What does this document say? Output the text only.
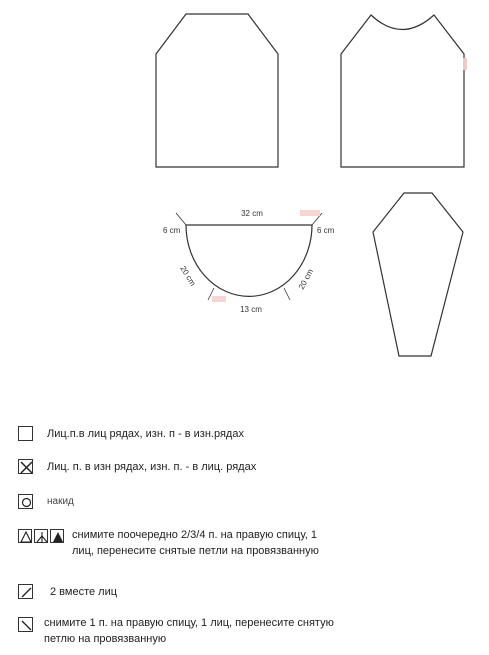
32 cm
6 cm	6 cm
20 cm	20 cm
13 cm
Лиц.п.в лиц рядах, изн. п - в изн.рядах
Лиц. п. в изн рядах, изн. п. - в лиц. рядах
накид
снимите поочередно 2/3/4 п. на правую спицу, 1 лиц, перенесите снятые петли на провязванную
2 вместе лиц
снимите 1 п. на правую спицу, 1 лиц, перенесите снятую петлю на провязванную
